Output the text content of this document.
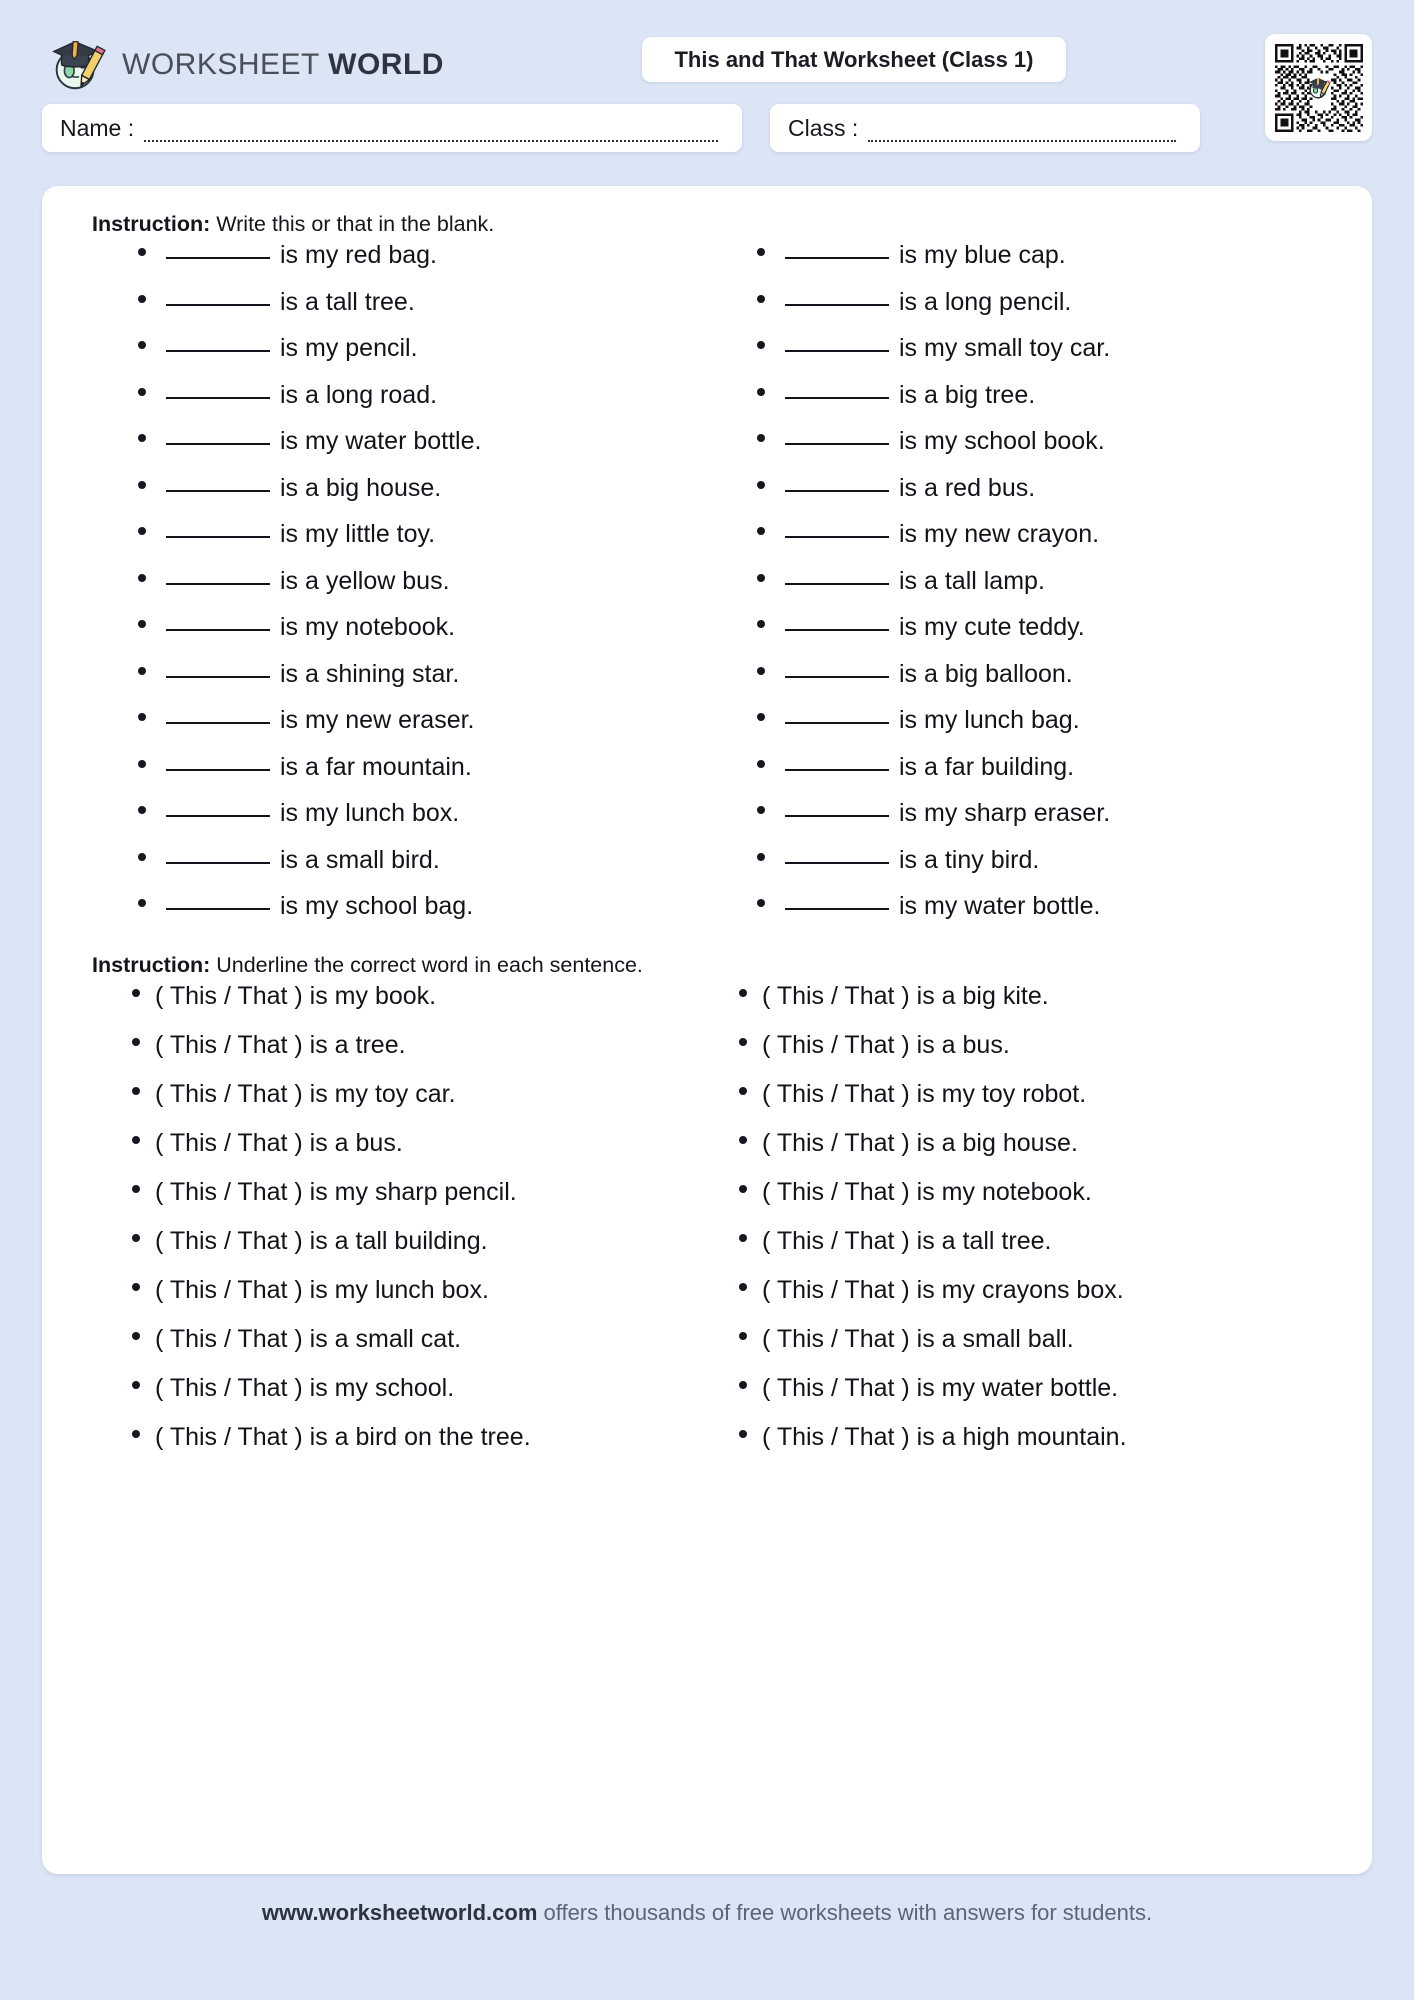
WORKSHEET WORLD	This and That Worksheet (Class 1)
Name :	Class :

Instruction: Write this or that in the blank.

is my red bag.
is a tall tree.
is my pencil.
is a long road.
is my water bottle.
is a big house.
is my little toy.
is a yellow bus.
is my notebook.
is a shining star.
is my new eraser.
is a far mountain.
is my lunch box.
is a small bird.
is my school bag.
is my blue cap.
is a long pencil.
is my small toy car.
is a big tree.
is my school book.
is a red bus.
is my new crayon.
is a tall lamp.
is my cute teddy.
is a big balloon.
is my lunch bag.
is a far building.
is my sharp eraser.
is a tiny bird.
is my water bottle.

Instruction: Underline the correct word in each sentence.

( This / That ) is my book.
( This / That ) is a tree.
( This / That ) is my toy car.
( This / That ) is a bus.
( This / That ) is my sharp pencil.
( This / That ) is a tall building.
( This / That ) is my lunch box.
( This / That ) is a small cat.
( This / That ) is my school.
( This / That ) is a bird on the tree.
( This / That ) is a big kite.
( This / That ) is a bus.
( This / That ) is my toy robot.
( This / That ) is a big house.
( This / That ) is my notebook.
( This / That ) is a tall tree.
( This / That ) is my crayons box.
( This / That ) is a small ball.
( This / That ) is my water bottle.
( This / That ) is a high mountain.
www.worksheetworld.com offers thousands of free worksheets with answers for students.
